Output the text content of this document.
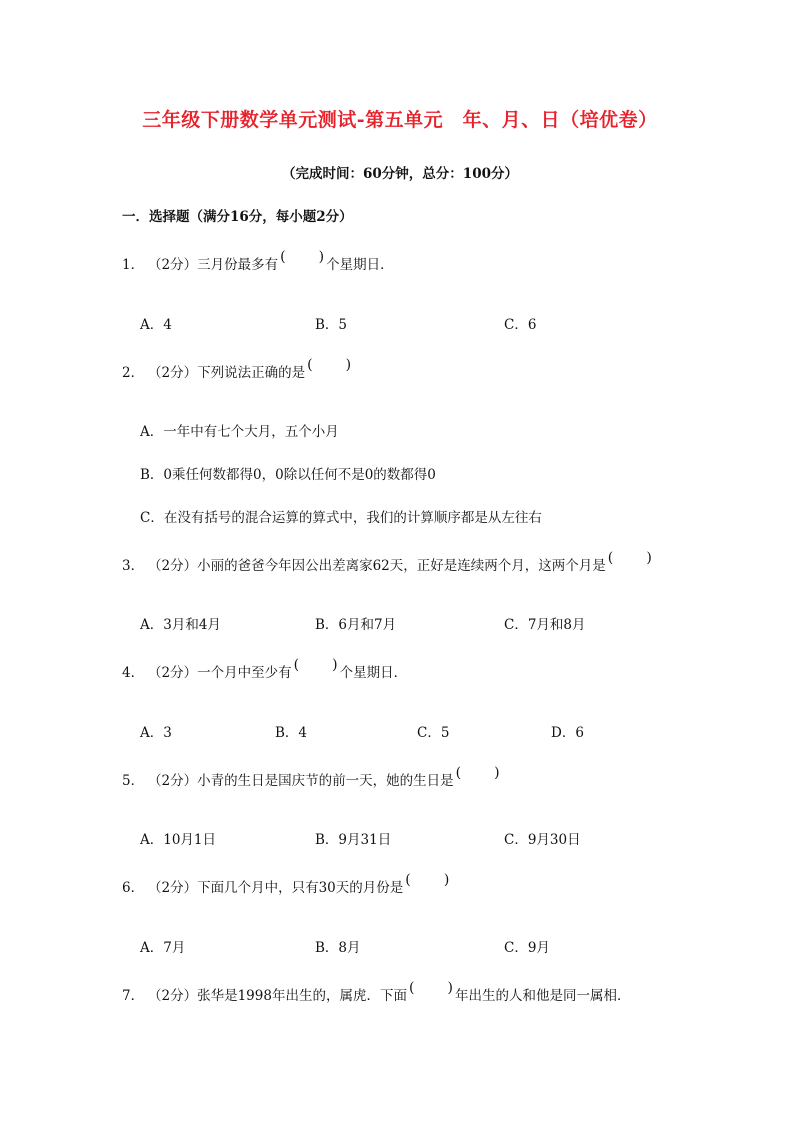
三年级下册数学单元测试-第五单元　年、月、日（培优卷）
（完成时间：60分钟，总分：100分）
一．选择题（满分16分，每小题2分）
1． （2分）三月份最多有 ( ) 个星期日．
A．4	B．5	C．6
2． （2分）下列说法正确的是 ( )
A．一年中有七个大月，五个小月
B．0乘任何数都得0，0除以任何不是0的数都得0
C．在没有括号的混合运算的算式中，我们的计算顺序都是从左往右
3． （2分）小丽的爸爸今年因公出差离家62天，正好是连续两个月，这两个月是 ( )
A．3月和4月	B．6月和7月	C．7月和8月
4． （2分）一个月中至少有 ( ) 个星期日．
A．3	B．4	C．5	D．6
5． （2分）小青的生日是国庆节的前一天，她的生日是 ( )
A．10月1日	B．9月31日	C．9月30日
6． （2分）下面几个月中，只有30天的月份是 ( )
A．7月	B．8月	C．9月
7． （2分）张华是1998年出生的，属虎．下面 ( ) 年出生的人和他是同一属相．
